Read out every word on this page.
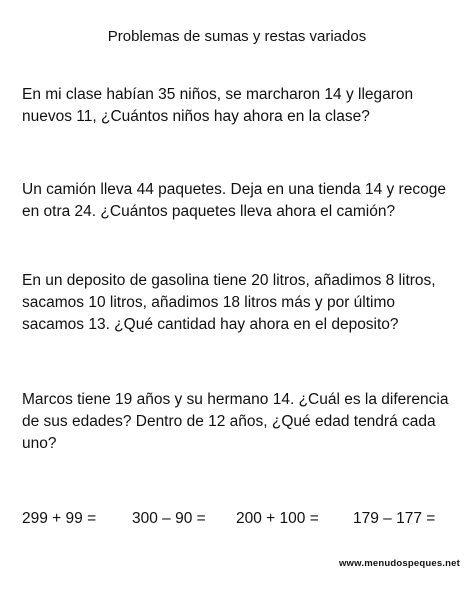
Problemas de sumas y restas variados
En mi clase habían 35 niños, se marcharon 14 y llegaron
nuevos 11, ¿Cuántos niños hay ahora en la clase?
Un camión lleva 44 paquetes. Deja en una tienda 14 y recoge
en otra 24. ¿Cuántos paquetes lleva ahora el camión?
En un deposito de gasolina tiene 20 litros, añadimos 8 litros,
sacamos 10 litros, añadimos 18 litros más y por último
sacamos 13. ¿Qué cantidad hay ahora en el deposito?
Marcos tiene 19 años y su hermano 14. ¿Cuál es la diferencia
de sus edades? Dentro de 12 años, ¿Qué edad tendrá cada
uno?
299 + 99 = 300 – 90 = 200 + 100 = 179 – 177 =
www.menudospeques.net
